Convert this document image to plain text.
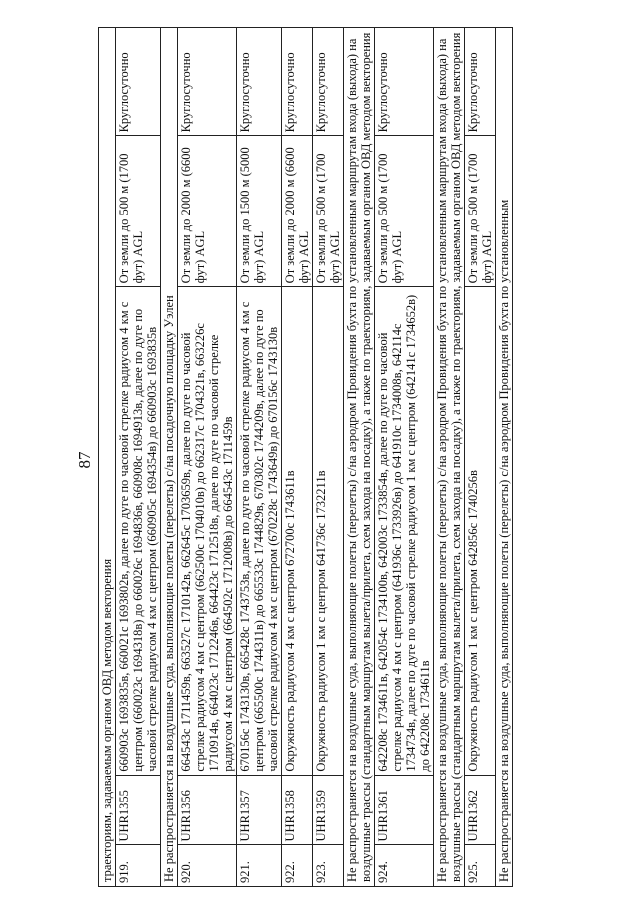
87
траекториям, задаваемым органом ОВД методом векторения				
919.	UHR1355	660903c 1693835в, 660021c 1693802в, далее по дуге по часовой стрелке радиусом 4 км с центром (660023c 1694318в) до 660026c 1694836в, 660908c 1694913в, далее по дуге по часовой стрелке радиусом 4 км с центром (660905c 1694354в) до 660903c 1693835в	От земли до 500 м (1700 фут) AGL	Круглосуточно
Не распространяется на воздушные суда, выполняющие полеты (перелеты) с/на посадочную площадку Уэлен				
920.	UHR1356	664543c 1711459в, 663527c 1710142в, 662645c 1703659в, далее по дуге по часовой стрелке радиусом 4 км с центром (662500c 1704010в) до 662317c 1704321в, 663226c 1710914в, 664023c 1712246в, 664423c 1712518в, далее по дуге по часовой стрелке радиусом 4 км с центром (664502c 1712008в) до 664543c 1711459в	От земли до 2000 м (6600 фут) AGL	Круглосуточно
921.	UHR1357	670156c 1743130в, 665428c 1743753в, далее по дуге по часовой стрелке радиусом 4 км с центром (665500c 1744311в) до 665533c 1744829в, 670302c 1744209в, далее по дуге по часовой стрелке радиусом 4 км с центром (670228c 1743649в) до 670156c 1743130в	От земли до 1500 м (5000 фут) AGL	Круглосуточно
922.	UHR1358	Окружность радиусом 4 км с центром 672700c 1743611в	От земли до 2000 м (6600 фут) AGL	Круглосуточно
923.	UHR1359	Окружность радиусом 1 км с центром 641736c 1732211в	От земли до 500 м (1700 фут) AGL	Круглосуточно
Не распространяется на воздушные суда, выполняющие полеты (перелеты) с/на аэродром Провидения бухта по установленным маршрутам входа (выхода) на воздушные трассы (стандартным маршрутам вылета/прилета, схем захода на посадку), а также по траекториям, задаваемым органом ОВД методом векторения				
924.	UHR1361	642208c 1734611в, 642054c 1734100в, 642003c 1733854в, далее по дуге по часовой стрелке радиусом 4 км с центром (641936c 1733926в) до 641910c 1734008в, 642114c 1734734в, далее по дуге по часовой стрелке радиусом 1 км с центром (642141c 1734652в) до 642208c 1734611в	От земли до 500 м (1700 фут) AGL	Круглосуточно
Не распространяется на воздушные суда, выполняющие полеты (перелеты) с/на аэродром Провидения бухта по установленным маршрутам входа (выхода) на воздушные трассы (стандартным маршрутам вылета/прилета, схем захода на посадку), а также по траекториям, задаваемым органом ОВД методом векторения				
925.	UHR1362	Окружность радиусом 1 км с центром 642856c 1740256в	От земли до 500 м (1700 фут) AGL	Круглосуточно
Не распространяется на воздушные суда, выполняющие полеты (перелеты) с/на аэродром Провидения бухта по установленным				
